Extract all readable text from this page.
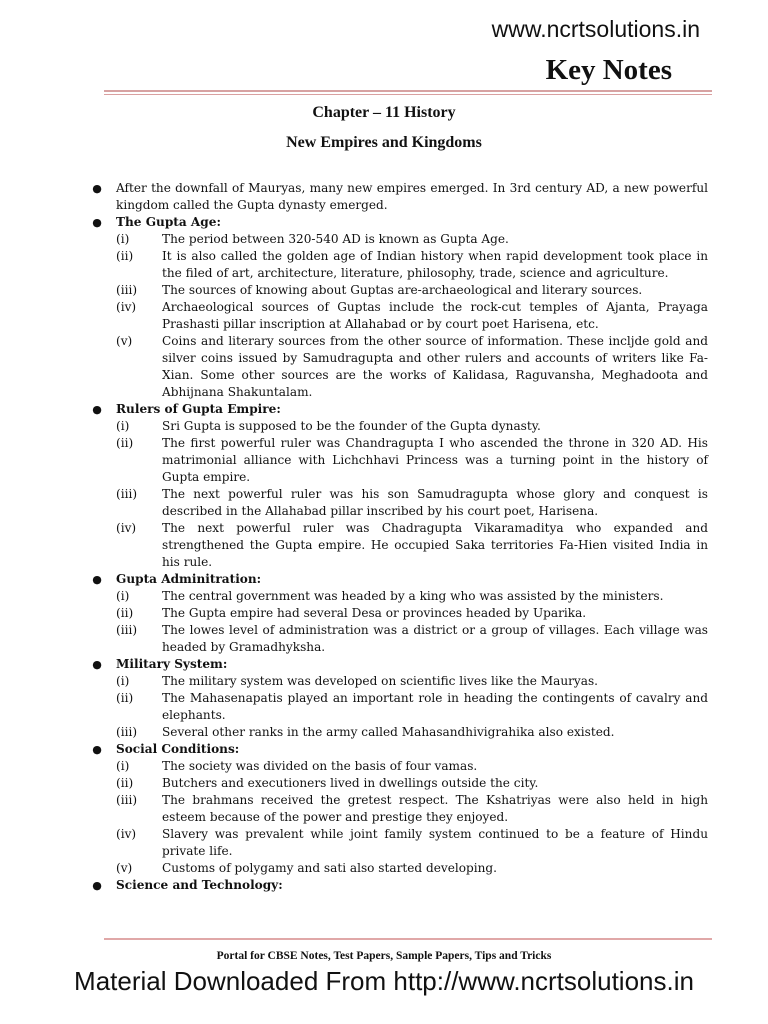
www.ncrtsolutions.in
Key Notes
Chapter – 11 History
New Empires and Kingdoms
● After the downfall of Mauryas, many new empires emerged. In 3rd century AD, a new powerful kingdom called the Gupta dynasty emerged.
● The Gupta Age:
(i)	The period between 320-540 AD is known as Gupta Age.
(ii) It is also called the golden age of Indian history when rapid development took place in the filed of art, architecture, literature, philosophy, trade, science and agriculture.
(iii) The sources of knowing about Guptas are-archaeological and literary sources.
(iv) Archaeological sources of Guptas include the rock-cut temples of Ajanta, Prayaga Prashasti pillar inscription at Allahabad or by court poet Harisena, etc.
(v) Coins and literary sources from the other source of information. These incljde gold and silver coins issued by Samudragupta and other rulers and accounts of writers like Fa-Xian. Some other sources are the works of Kalidasa, Raguvansha, Meghadoota and Abhijnana Shakuntalam.
● Rulers of Gupta Empire:
(i)	Sri Gupta is supposed to be the founder of the Gupta dynasty.
(ii) The first powerful ruler was Chandragupta I who ascended the throne in 320 AD. His matrimonial alliance with Lichchhavi Princess was a turning point in the history of Gupta empire.
(iii) The next powerful ruler was his son Samudragupta whose glory and conquest is described in the Allahabad pillar inscribed by his court poet, Harisena.
(iv) The next powerful ruler was Chadragupta Vikaramaditya who expanded and strengthened the Gupta empire. He occupied Saka territories Fa-Hien visited India in his rule.
● Gupta Adminitration:
(i)	The central government was headed by a king who was assisted by the ministers.
(ii) The Gupta empire had several Desa or provinces headed by Uparika.
(iii) The lowes level of administration was a district or a group of villages. Each village was headed by Gramadhyksha.
● Military System:
(i)	The military system was developed on scientific lives like the Mauryas.
(ii) The Mahasenapatis played an important role in heading the contingents of cavalry and elephants.
(iii) Several other ranks in the army called Mahasandhivigrahika also existed.
● Social Conditions:
(i)	The society was divided on the basis of four vamas.
(ii) Butchers and executioners lived in dwellings outside the city.
(iii) The brahmans received the gretest respect. The Kshatriyas were also held in high esteem because of the power and prestige they enjoyed.
(iv) Slavery was prevalent while joint family system continued to be a feature of Hindu private life.
(v) Customs of polygamy and sati also started developing.
● Science and Technology:
Portal for CBSE Notes, Test Papers, Sample Papers, Tips and Tricks
Material Downloaded From http://www.ncrtsolutions.in
